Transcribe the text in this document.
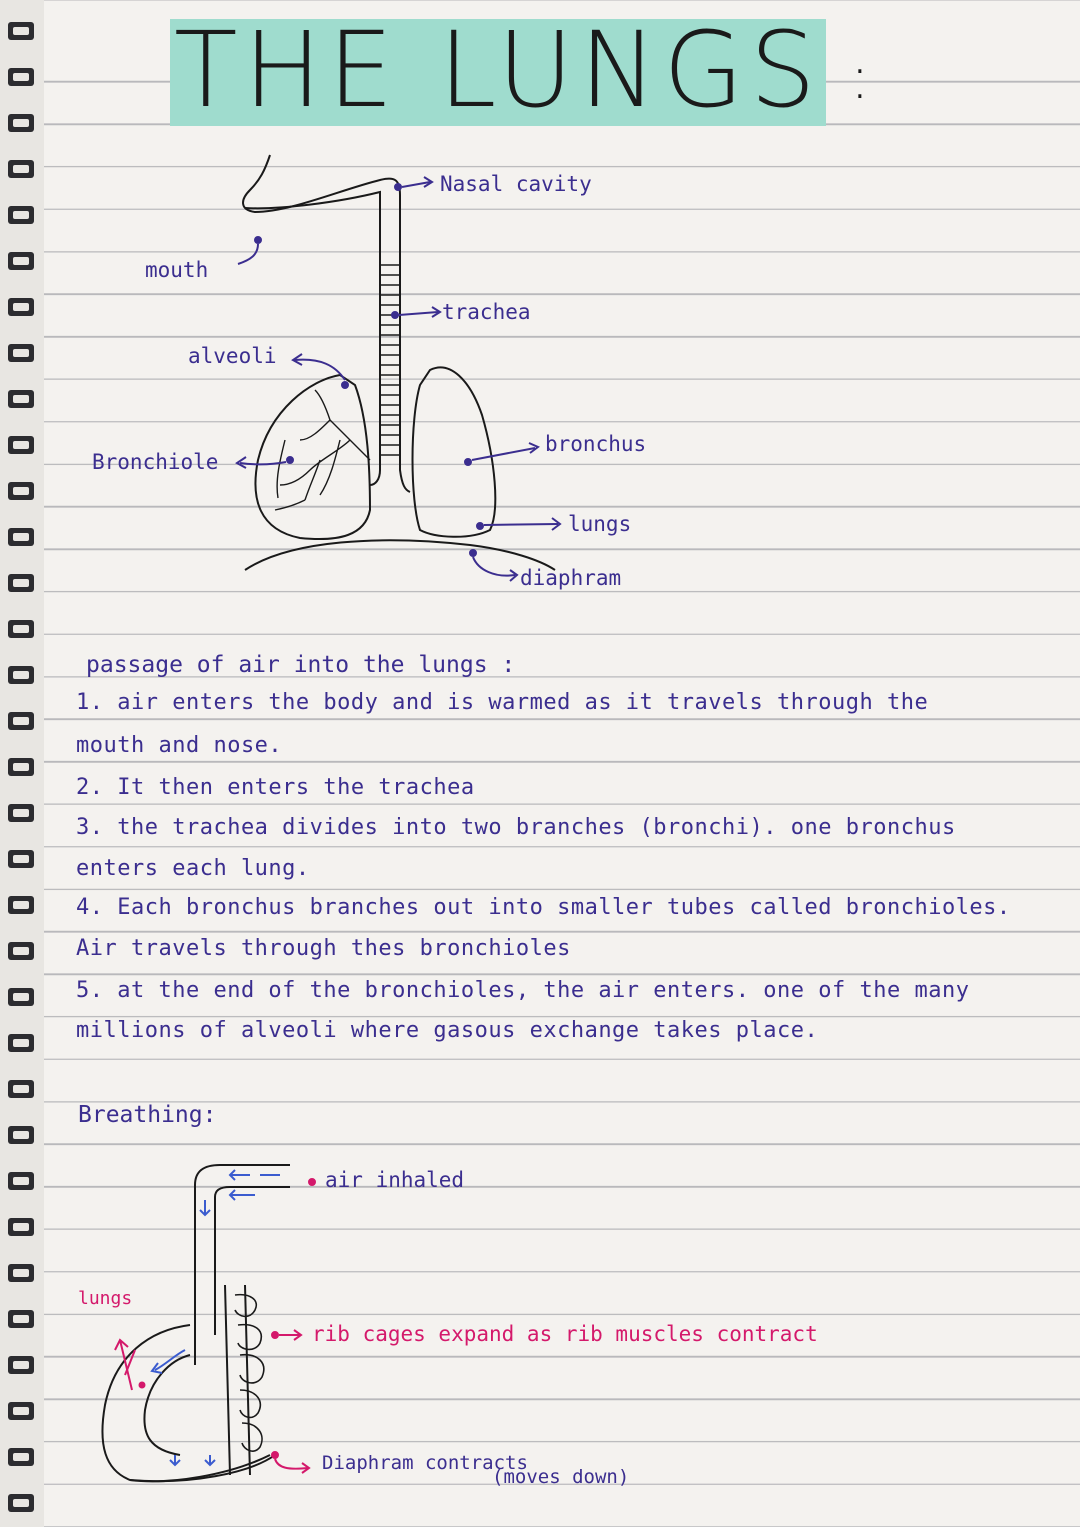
THE LUNGS :
Nasal cavity
mouth
trachea
alveoli
bronchus
Bronchiole
lungs
diaphram
passage of air into the lungs :
1. air enters the body and is warmed as it travels through the
mouth and nose.
2. It then enters the trachea
3. the trachea divides into two branches (bronchi). one bronchus
enters each lung.
4. Each bronchus branches out into smaller tubes called bronchioles.
Air travels through thes bronchioles
5. at the end of the bronchioles, the air enters. one of the many
millions of alveoli where gasous exchange takes place.
Breathing:
air inhaled
lungs
rib cages expand as rib muscles contract
Diaphram contracts
(moves down)
